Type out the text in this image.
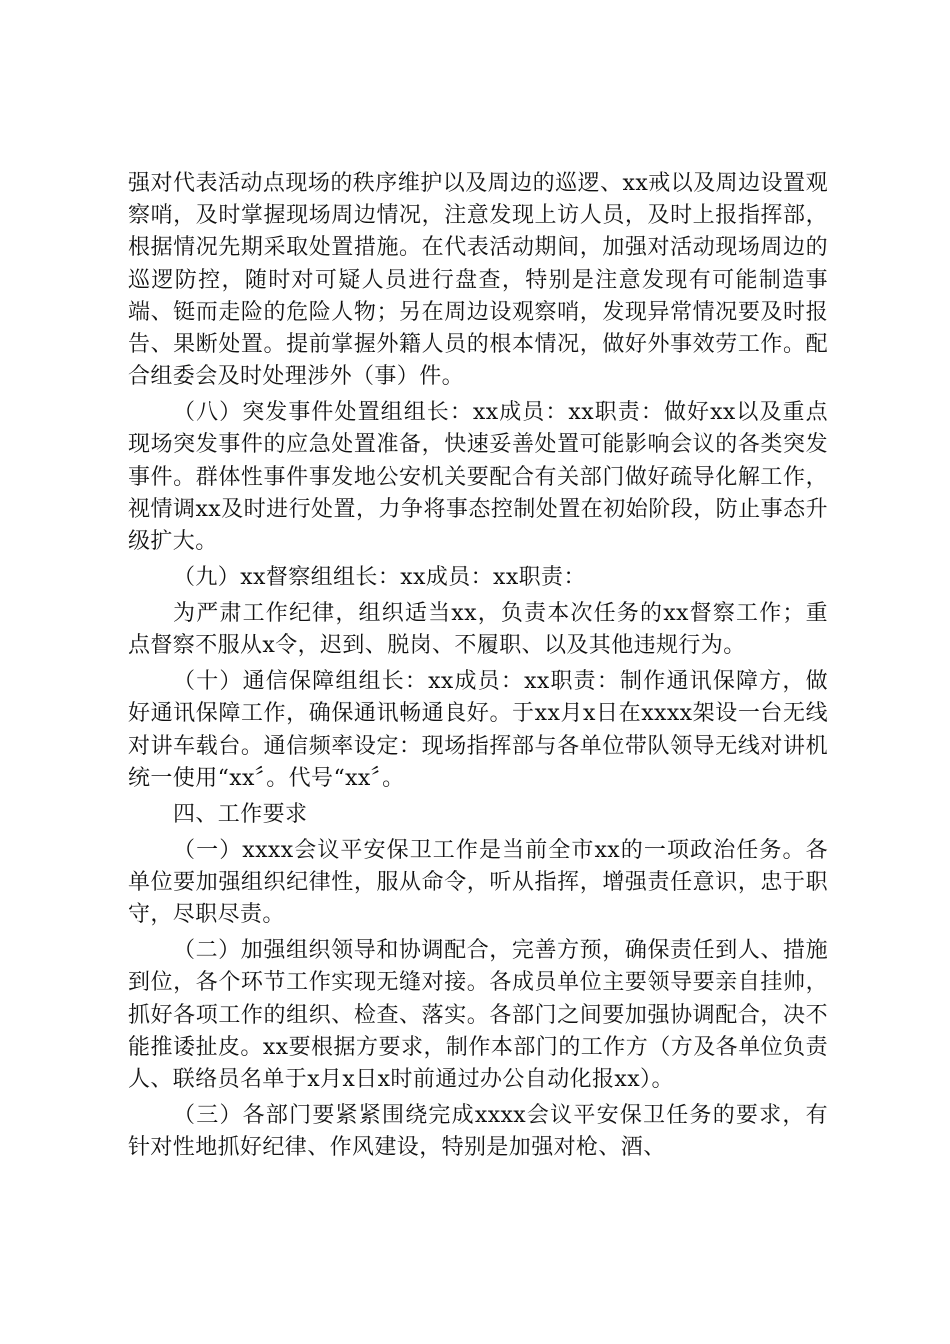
强对代表活动点现场的秩序维护以及周边的巡逻、xx戒以及周边设置观察哨，及时掌握现场周边情况，注意发现上访人员，及时上报指挥部，根据情况先期采取处置措施。在代表活动期间，加强对活动现场周边的巡逻防控，随时对可疑人员进行盘查，特别是注意发现有可能制造事端、铤而走险的危险人物；另在周边设观察哨，发现异常情况要及时报告、果断处置。提前掌握外籍人员的根本情况，做好外事效劳工作。配合组委会及时处理涉外（事）件。

（八）突发事件处置组组长：xx成员：xx职责：做好xx以及重点现场突发事件的应急处置准备，快速妥善处置可能影响会议的各类突发事件。群体性事件事发地公安机关要配合有关部门做好疏导化解工作，视情调xx及时进行处置，力争将事态控制处置在初始阶段，防止事态升级扩大。

（九）xx督察组组长：xx成员：xx职责：

为严肃工作纪律，组织适当xx，负责本次任务的xx督察工作；重点督察不服从x令，迟到、脱岗、不履职、以及其他违规行为。

（十）通信保障组组长：xx成员：xx职责：制作通讯保障方，做好通讯保障工作，确保通讯畅通良好。于xx月x日在xxxx架设一台无线对讲车载台。通信频率设定：现场指挥部与各单位带队领导无线对讲机统一使用“xx〞。代号“xx〞。

四、工作要求

（一）xxxx会议平安保卫工作是当前全市xx的一项政治任务。各单位要加强组织纪律性，服从命令，听从指挥，增强责任意识，忠于职守，尽职尽责。

（二）加强组织领导和协调配合，完善方预，确保责任到人、措施到位，各个环节工作实现无缝对接。各成员单位主要领导要亲自挂帅，抓好各项工作的组织、检查、落实。各部门之间要加强协调配合，决不能推诿扯皮。xx要根据方要求，制作本部门的工作方（方及各单位负责人、联络员名单于x月x日x时前通过办公自动化报xx）。

（三）各部门要紧紧围绕完成xxxx会议平安保卫任务的要求，有针对性地抓好纪律、作风建设，特别是加强对枪、酒、
